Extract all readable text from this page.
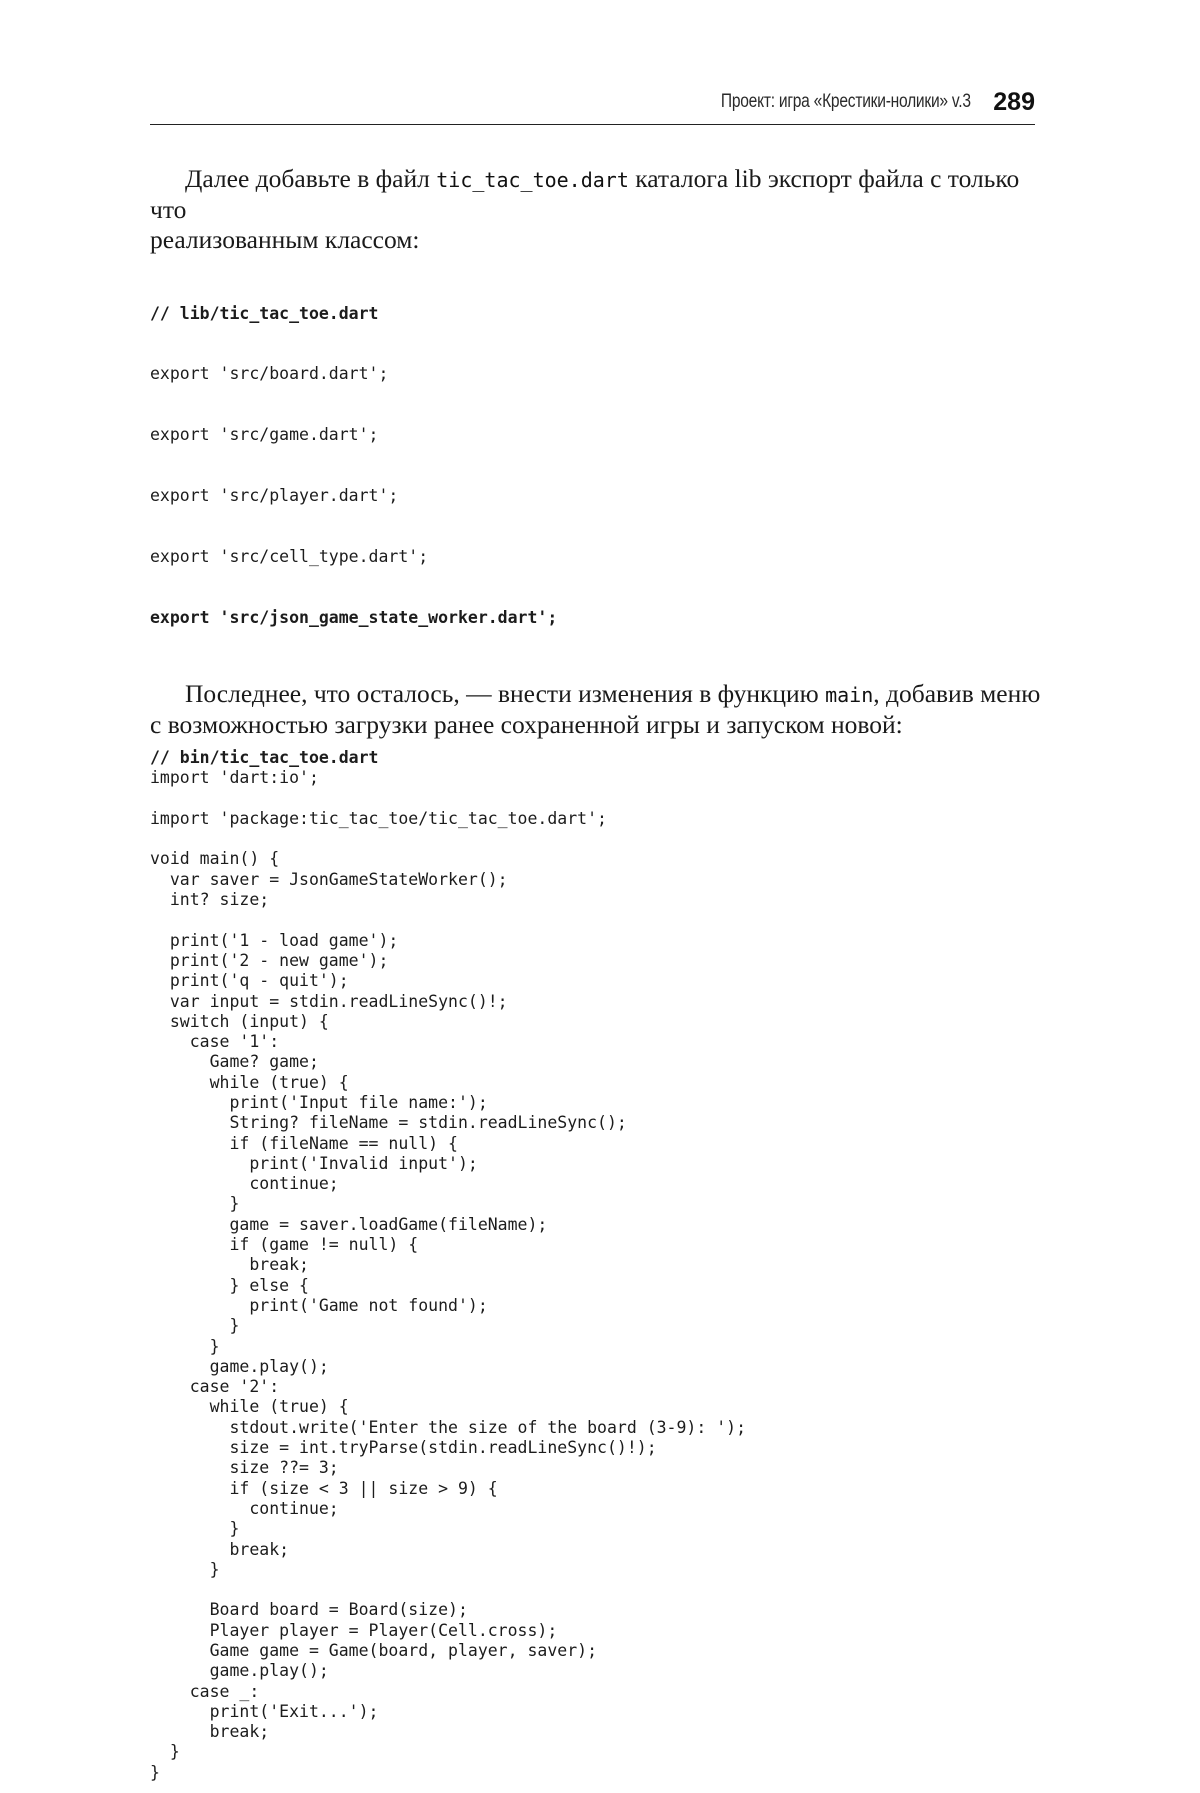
Проект: игра «Крестики-нолики» v.3 289

Далее добавьте в файл tic_tac_toe.dart каталога lib экспорт файла с только что
реализованным классом:

// lib/tic_tac_toe.dart

export 'src/board.dart';

export 'src/game.dart';

export 'src/player.dart';

export 'src/cell_type.dart';

export 'src/json_game_state_worker.dart';

Последнее, что осталось, — внести изменения в функцию main, добавив меню
с возможностью загрузки ранее сохраненной игры и запуском новой:

// bin/tic_tac_toe.dart
import 'dart:io';
import 'package:tic_tac_toe/tic_tac_toe.dart';
void main() {
var saver = JsonGameStateWorker();
int? size;
print('1 - load game');
print('2 - new game');
print('q - quit');
var input = stdin.readLineSync()!;
switch (input) {
case '1':
Game? game;
while (true) {
print('Input file name:');
String? fileName = stdin.readLineSync();
if (fileName == null) {
print('Invalid input');
continue;
}
game = saver.loadGame(fileName);
if (game != null) {
break;
} else {
print('Game not found');
}
}
game.play();
case '2':
while (true) {
stdout.write('Enter the size of the board (3-9): ');
size = int.tryParse(stdin.readLineSync()!);
size ??= 3;
if (size < 3 || size > 9) {
continue;
}
break;
}
Board board = Board(size);
Player player = Player(Cell.cross);
Game game = Game(board, player, saver);
game.play();
case _:
print('Exit...');
break;
}
}
